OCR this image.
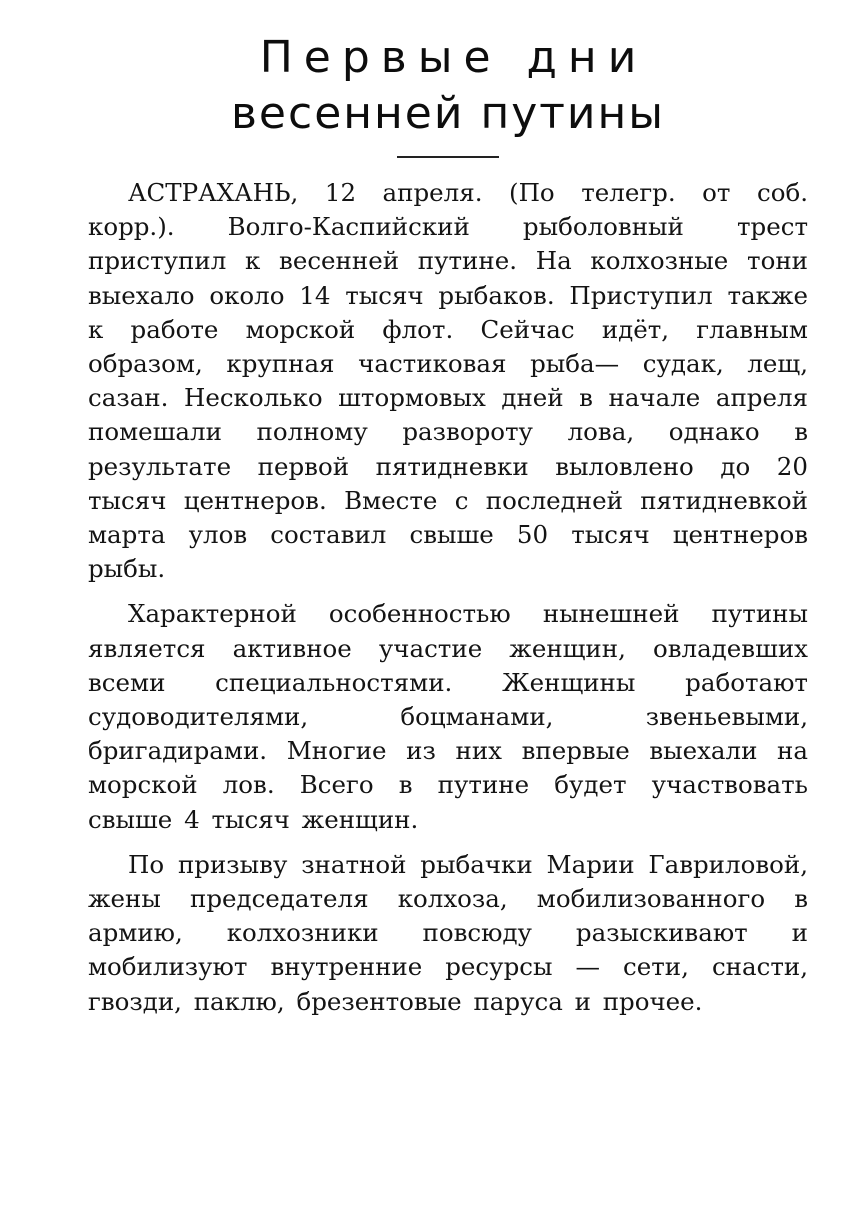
Первые дни
весенней путины

АСТРАХАНЬ, 12 апреля. (По телегр. от соб. корр.). Волго-Каспийский рыболовный трест приступил к весенней путине. На колхозные тони выехало около 14 тысяч рыбаков. Приступил также к работе морской флот. Сейчас идёт, главным образом, крупная частиковая рыба— судак, лещ, сазан. Несколько штормовых дней в начале апреля помешали полному развороту лова, однако в результате первой пятидневки выловлено до 20 тысяч центнеров. Вместе с последней пятидневкой марта улов составил свыше 50 тысяч центнеров рыбы.

Характерной особенностью нынешней путины является активное участие женщин, овладевших всеми специальностями. Женщины работают судоводителями, боцманами, звеньевыми, бригадирами. Многие из них впервые выехали на морской лов. Всего в путине будет участвовать свыше 4 тысяч женщин.

По призыву знатной рыбачки Марии Гавриловой, жены председателя колхоза, мобилизованного в армию, колхозники повсюду разыскивают и мобилизуют внутренние ресурсы — сети, снасти, гвозди, паклю, брезентовые паруса и прочее.
